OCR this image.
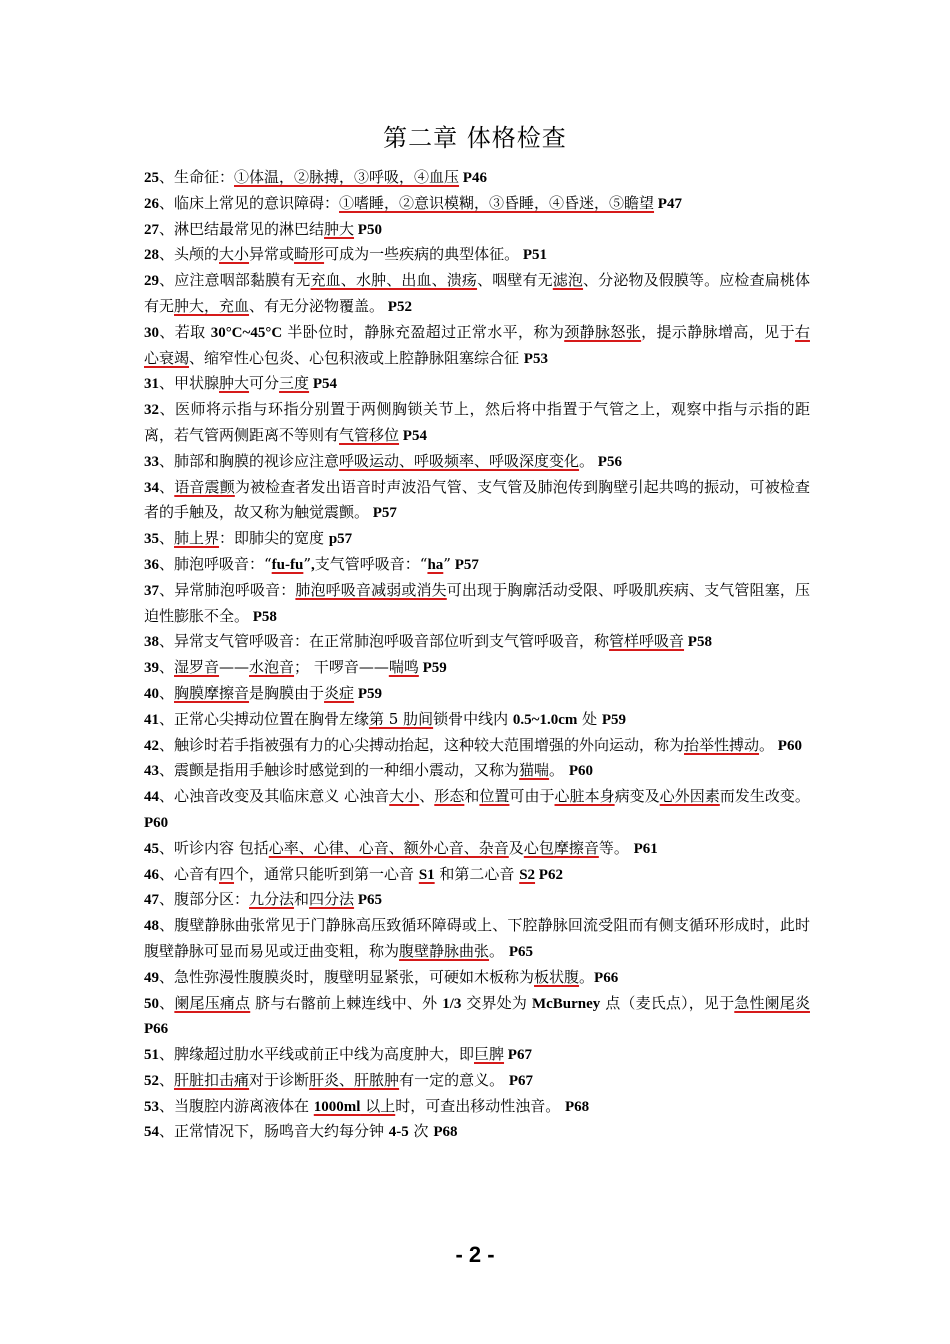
第二章 体格检查

25、生命征：①体温，②脉搏，③呼吸，④血压 P46

26、临床上常见的意识障碍：①嗜睡，②意识模糊，③昏睡，④昏迷，⑤瞻望 P47

27、淋巴结最常见的淋巴结肿大 P50

28、头颅的大小异常或畸形可成为一些疾病的典型体征。 P51

29、应注意咽部黏膜有无充血、水肿、出血、溃疡、咽壁有无滤泡、分泌物及假膜等。应检查扁桃体有无肿大，充血、有无分泌物覆盖。 P52

30、若取 30°C~45°C 半卧位时，静脉充盈超过正常水平，称为颈静脉怒张，提示静脉增高，见于右心衰竭、缩窄性心包炎、心包积液或上腔静脉阻塞综合征 P53

31、甲状腺肿大可分三度 P54

32、医师将示指与环指分别置于两侧胸锁关节上，然后将中指置于气管之上，观察中指与示指的距离，若气管两侧距离不等则有气管移位 P54

33、肺部和胸膜的视诊应注意呼吸运动、呼吸频率、呼吸深度变化。 P56

34、语音震颤为被检查者发出语音时声波沿气管、支气管及肺泡传到胸壁引起共鸣的振动，可被检查者的手触及，故又称为触觉震颤。 P57

35、肺上界：即肺尖的宽度 p57

36、肺泡呼吸音：“fu-fu”,支气管呼吸音：“ha” P57

37、异常肺泡呼吸音：肺泡呼吸音减弱或消失可出现于胸廓活动受限、呼吸肌疾病、支气管阻塞，压迫性膨胀不全。 P58

38、异常支气管呼吸音：在正常肺泡呼吸音部位听到支气管呼吸音，称管样呼吸音 P58

39、湿罗音——水泡音； 干啰音——喘鸣 P59

40、胸膜摩擦音是胸膜由于炎症 P59

41、正常心尖搏动位置在胸骨左缘第 5 肋间锁骨中线内 0.5~1.0cm 处 P59

42、触诊时若手指被强有力的心尖搏动抬起，这种较大范围增强的外向运动，称为抬举性搏动。 P60

43、震颤是指用手触诊时感觉到的一种细小震动，又称为猫喘。 P60

44、心浊音改变及其临床意义 心浊音大小、形态和位置可由于心脏本身病变及心外因素而发生改变。 P60

45、听诊内容 包括心率、心律、心音、额外心音、杂音及心包摩擦音等。 P61

46、心音有四个，通常只能听到第一心音 S1 和第二心音 S2 P62

47、腹部分区：九分法和四分法 P65

48、腹壁静脉曲张常见于门静脉高压致循环障碍或上、下腔静脉回流受阻而有侧支循环形成时，此时腹壁静脉可显而易见或迂曲变粗，称为腹壁静脉曲张。 P65

49、急性弥漫性腹膜炎时，腹壁明显紧张，可硬如木板称为板状腹。P66

50、阑尾压痛点 脐与右髂前上棘连线中、外 1/3 交界处为 McBurney 点（麦氏点），见于急性阑尾炎 P66

51、脾缘超过肋水平线或前正中线为高度肿大，即巨脾 P67

52、肝脏扣击痛对于诊断肝炎、肝脓肿有一定的意义。 P67

53、当腹腔内游离液体在 1000ml 以上时，可查出移动性浊音。 P68

54、正常情况下，肠鸣音大约每分钟 4-5 次 P68

- 2 -
